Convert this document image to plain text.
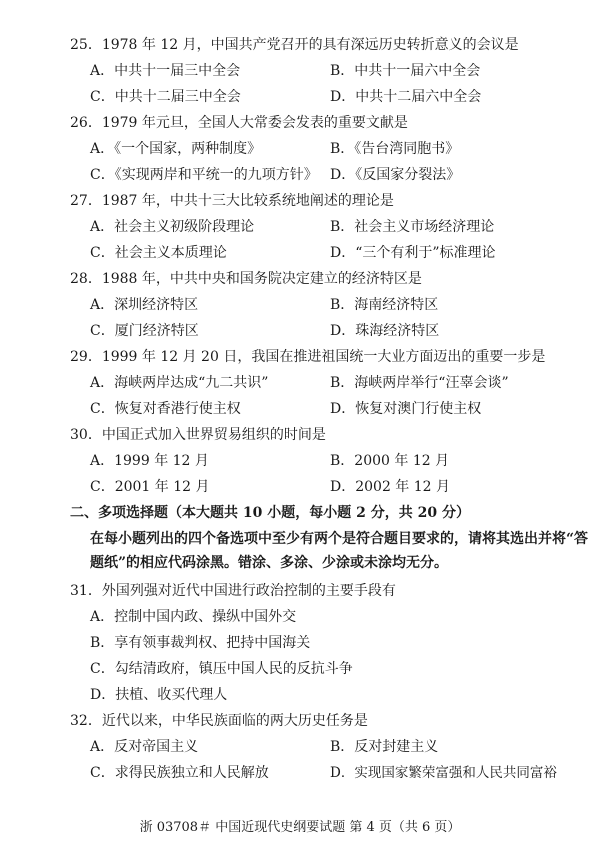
25．1978 年 12 月，中国共产党召开的具有深远历史转折意义的会议是
A．中共十一届三中全会	B．中共十一届六中全会
C．中共十二届三中全会	D．中共十二届六中全会
26．1979 年元旦，全国人大常委会发表的重要文献是
A．《一个国家，两种制度》	B．《告台湾同胞书》
C．《实现两岸和平统一的九项方针》 D．《反国家分裂法》
27．1987 年，中共十三大比较系统地阐述的理论是
A．社会主义初级阶段理论	B．社会主义市场经济理论
C．社会主义本质理论	D．“三个有利于”标准理论
28．1988 年，中共中央和国务院决定建立的经济特区是
A．深圳经济特区	B．海南经济特区
C．厦门经济特区	D．珠海经济特区
29．1999 年 12 月 20 日，我国在推进祖国统一大业方面迈出的重要一步是
A．海峡两岸达成“九二共识”	B．海峡两岸举行“汪辜会谈”
C．恢复对香港行使主权	D．恢复对澳门行使主权
30．中国正式加入世界贸易组织的时间是
A．1999 年 12 月	B．2000 年 12 月
C．2001 年 12 月	D．2002 年 12 月
二、多项选择题（本大题共 10 小题，每小题 2 分，共 20 分）
在每小题列出的四个备选项中至少有两个是符合题目要求的，请将其选出并将“答
题纸”的相应代码涂黑。错涂、多涂、少涂或未涂均无分。
31．外国列强对近代中国进行政治控制的主要手段有
A．控制中国内政、操纵中国外交
B．享有领事裁判权、把持中国海关
C．勾结清政府，镇压中国人民的反抗斗争
D．扶植、收买代理人
32．近代以来，中华民族面临的两大历史任务是
A．反对帝国主义	B．反对封建主义
C．求得民族独立和人民解放	D．实现国家繁荣富强和人民共同富裕
浙 03708＃ 中国近现代史纲要试题 第 4 页（共 6 页）
